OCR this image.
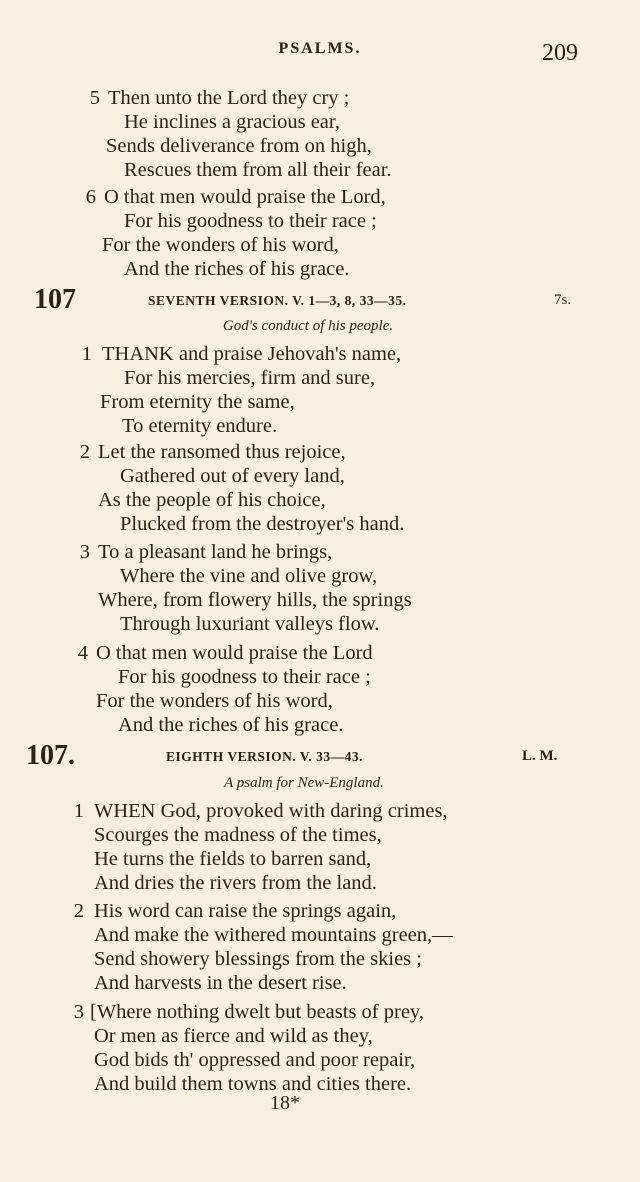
PSALMS.	209
5 Then unto the Lord they cry ;
He inclines a gracious ear,
Sends deliverance from on high,
Rescues them from all their fear.
6 O that men would praise the Lord,
For his goodness to their race ;
For the wonders of his word,
And the riches of his grace.
107	SEVENTH VERSION. V. 1—3, 8, 33—35.	7s.
God's conduct of his people.
1 THANK and praise Jehovah's name,
For his mercies, firm and sure,
From eternity the same,
To eternity endure.
2 Let the ransomed thus rejoice,
Gathered out of every land,
As the people of his choice,
Plucked from the destroyer's hand.
3 To a pleasant land he brings,
Where the vine and olive grow,
Where, from flowery hills, the springs
Through luxuriant valleys flow.
4 O that men would praise the Lord
For his goodness to their race ;
For the wonders of his word,
And the riches of his grace.
107.	EIGHTH VERSION. V. 33—43.	L. M.
A psalm for New-England.
1 WHEN God, provoked with daring crimes,
Scourges the madness of the times,
He turns the fields to barren sand,
And dries the rivers from the land.
2 His word can raise the springs again,
And make the withered mountains green,—
Send showery blessings from the skies ;
And harvests in the desert rise.
3 [Where nothing dwelt but beasts of prey,
Or men as fierce and wild as they,
God bids th' oppressed and poor repair,
And build them towns and cities there.
18*
